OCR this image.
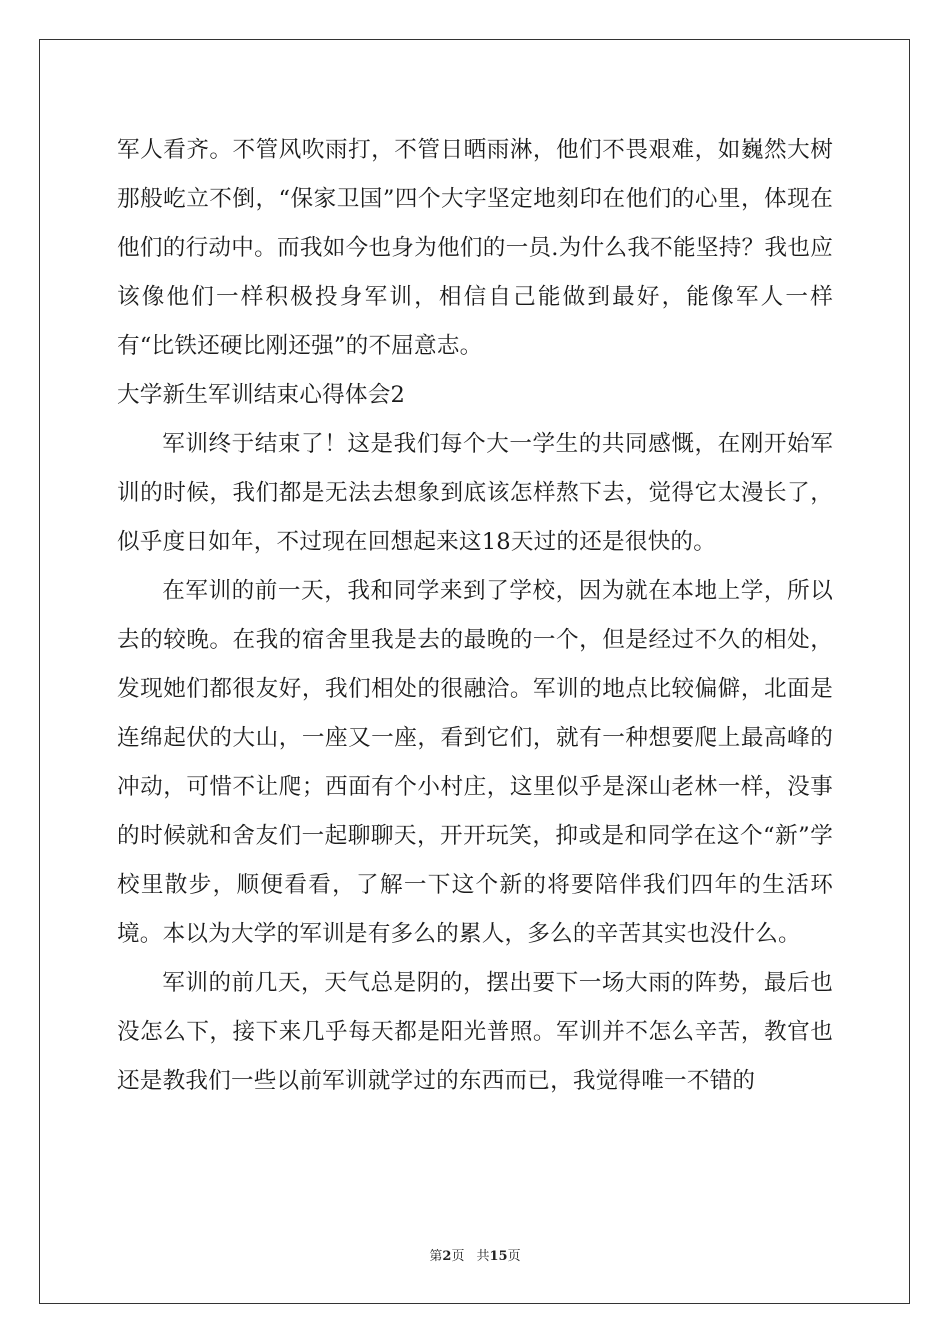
军人看齐。不管风吹雨打，不管日晒雨淋，他们不畏艰难，如巍然大树那般屹立不倒，“保家卫国”四个大字坚定地刻印在他们的心里，体现在他们的行动中。而我如今也身为他们的一员.为什么我不能坚持？我也应该像他们一样积极投身军训，相信自己能做到最好，能像军人一样有“比铁还硬比刚还强”的不屈意志。

大学新生军训结束心得体会2

军训终于结束了！这是我们每个大一学生的共同感慨，在刚开始军训的时候，我们都是无法去想象到底该怎样熬下去，觉得它太漫长了，似乎度日如年，不过现在回想起来这18天过的还是很快的。

在军训的前一天，我和同学来到了学校，因为就在本地上学，所以去的较晚。在我的宿舍里我是去的最晚的一个，但是经过不久的相处，发现她们都很友好，我们相处的很融洽。军训的地点比较偏僻，北面是连绵起伏的大山，一座又一座，看到它们，就有一种想要爬上最高峰的冲动，可惜不让爬；西面有个小村庄，这里似乎是深山老林一样，没事的时候就和舍友们一起聊聊天，开开玩笑，抑或是和同学在这个“新”学校里散步，顺便看看，了解一下这个新的将要陪伴我们四年的生活环境。本以为大学的军训是有多么的累人，多么的辛苦其实也没什么。

军训的前几天，天气总是阴的，摆出要下一场大雨的阵势，最后也没怎么下，接下来几乎每天都是阳光普照。军训并不怎么辛苦，教官也还是教我们一些以前军训就学过的东西而已，我觉得唯一不错的

第2页 共15页
